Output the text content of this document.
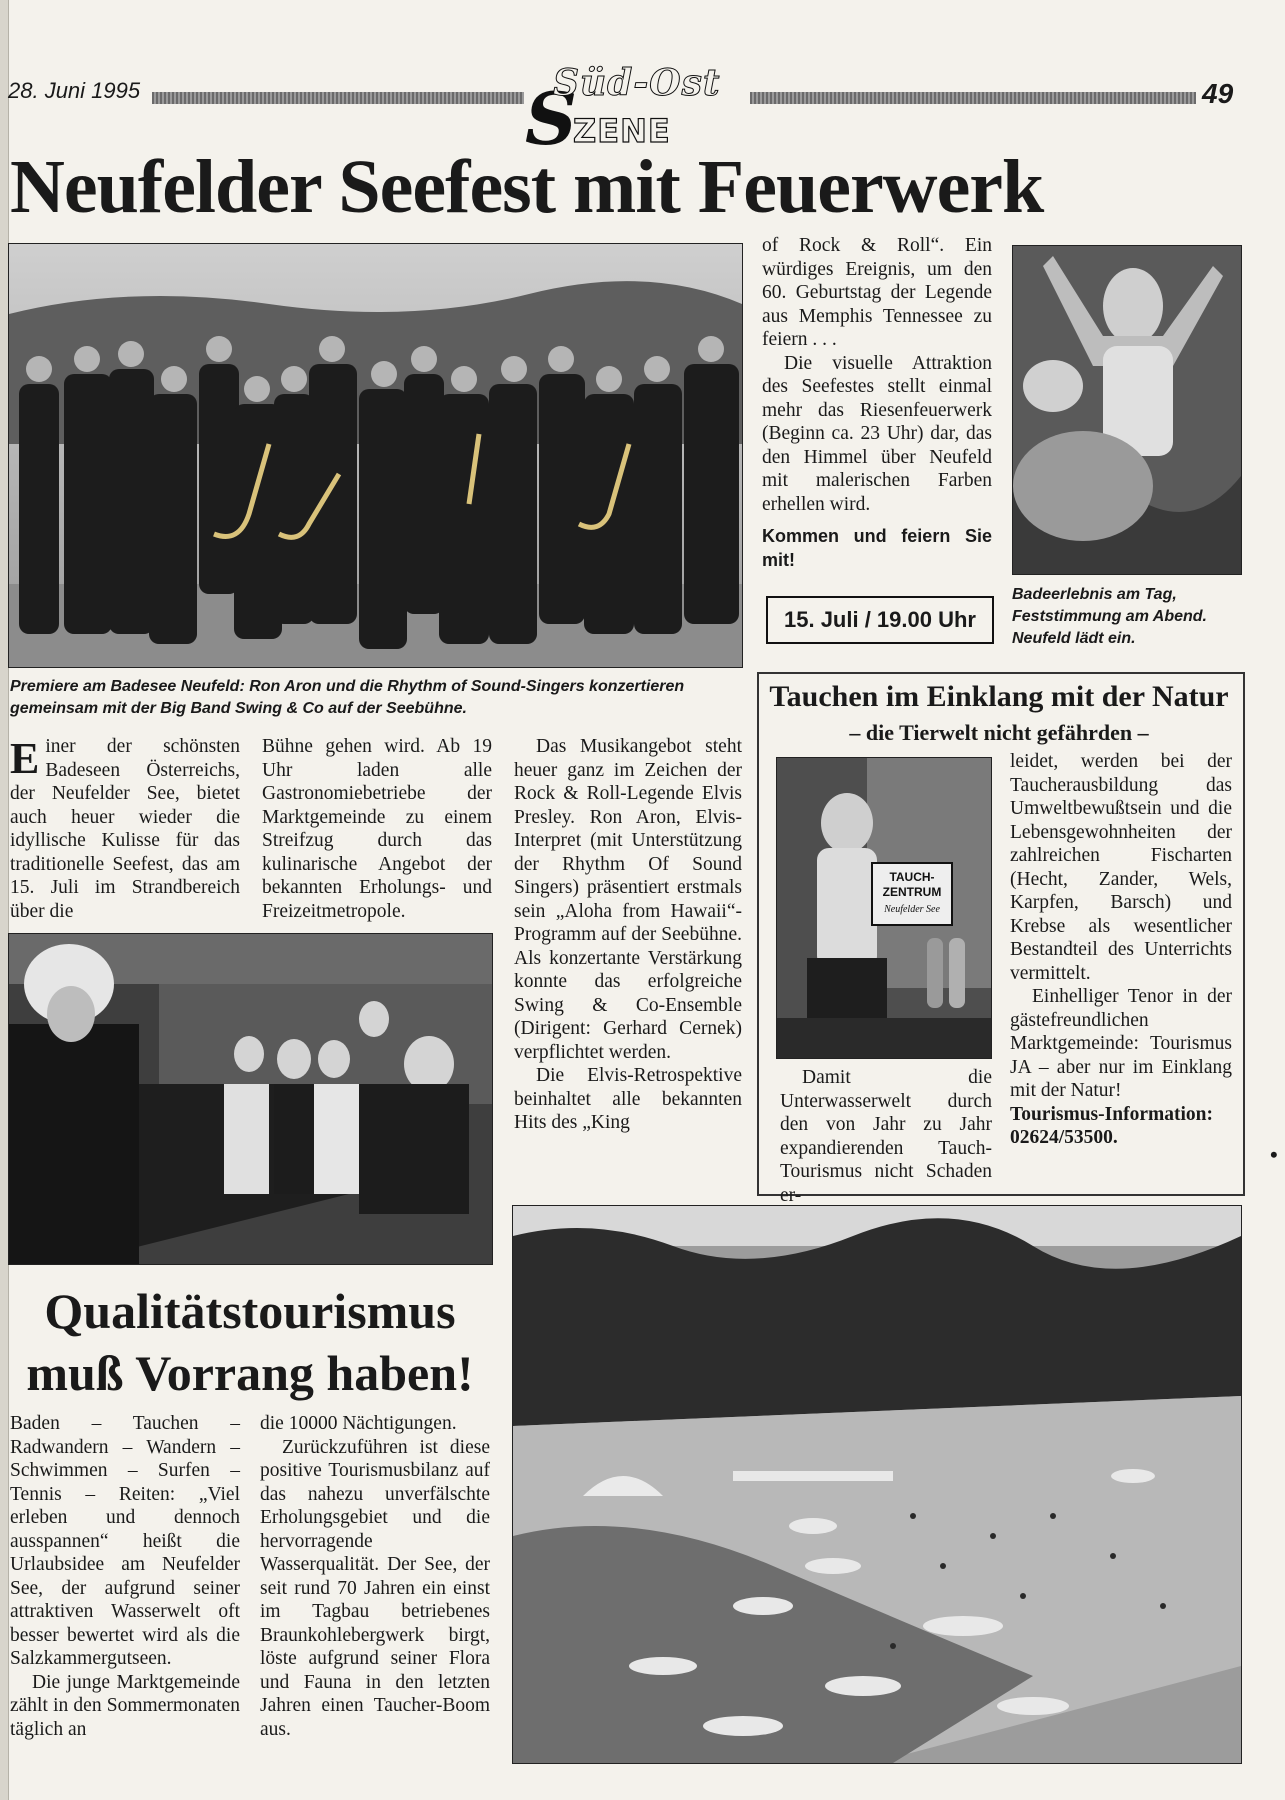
28. Juni 1995	S
Süd-Ost
ZENE
49
Neufelder Seefest mit Feuerwerk
Premiere am Badesee Neufeld: Ron Aron und die Rhythm of Sound-Singers konzertieren gemeinsam mit der Big Band Swing & Co auf der Seebühne.

of Rock & Roll“. Ein würdiges Ereignis, um den 60. Geburtstag der Legende aus Memphis Tennessee zu feiern . . .

Die visuelle Attraktion des Seefestes stellt einmal mehr das Riesenfeuerwerk (Beginn ca. 23 Uhr) dar, das den Himmel über Neufeld mit malerischen Farben erhellen wird.

Kommen und feiern Sie mit!

15. Juli / 19.00 Uhr
Badeerlebnis am Tag, Feststimmung am Abend. Neufeld lädt ein.

Einer der schönsten Badeseen Österreichs, der Neufelder See, bietet auch heuer wieder die idyllische Kulisse für das traditionelle Seefest, das am 15. Juli im Strandbereich über die

Bühne gehen wird. Ab 19 Uhr laden alle Gastronomiebetriebe der Marktgemeinde zu einem Streifzug durch das kulinarische Angebot der bekannten Erholungs- und Freizeitmetropole.

Das Musikangebot steht heuer ganz im Zeichen der Rock & Roll-Legende Elvis Presley. Ron Aron, Elvis-Interpret (mit Unterstützung der Rhythm Of Sound Singers) präsentiert erstmals sein „Aloha from Hawaii“-Programm auf der Seebühne. Als konzertante Verstärkung konnte das erfolgreiche Swing & Co-Ensemble (Dirigent: Gerhard Cernek) verpflichtet werden.

Die Elvis-Retrospektive beinhaltet alle bekannten Hits des „King

Qualitätstourismus
muß Vorrang haben!

Baden – Tauchen – Radwandern – Wandern – Schwimmen – Surfen – Tennis – Reiten: „Viel erleben und dennoch ausspannen“ heißt die Urlaubsidee am Neufelder See, der aufgrund seiner attraktiven Wasserwelt oft besser bewertet wird als die Salzkammergutseen.

Die junge Marktgemeinde zählt in den Sommermonaten täglich an

die 10000 Nächtigungen.

Zurückzuführen ist diese positive Tourismusbilanz auf das nahezu unverfälschte Erholungsgebiet und die hervorragende Wasserqualität. Der See, der seit rund 70 Jahren ein einst im Tagbau betriebenes Braunkohlebergwerk birgt, löste aufgrund seiner Flora und Fauna in den letzten Jahren einen Taucher-Boom aus.

Tauchen im Einklang mit der Natur
– die Tierwelt nicht gefährden –
TAUCH-
ZENTRUM
Neufelder See

Damit die Unterwasserwelt durch den von Jahr zu Jahr expandierenden Tauch-Tourismus nicht Schaden er-

leidet, werden bei der Taucherausbildung das Umweltbewußtsein und die Lebensgewohnheiten der zahlreichen Fischarten (Hecht, Zander, Wels, Karpfen, Barsch) und Krebse als wesentlicher Bestandteil des Unterrichts vermittelt.

Einhelliger Tenor in der gästefreundlichen Marktgemeinde: Tourismus JA – aber nur im Einklang mit der Natur!

Tourismus-Information: 02624/53500.

•
